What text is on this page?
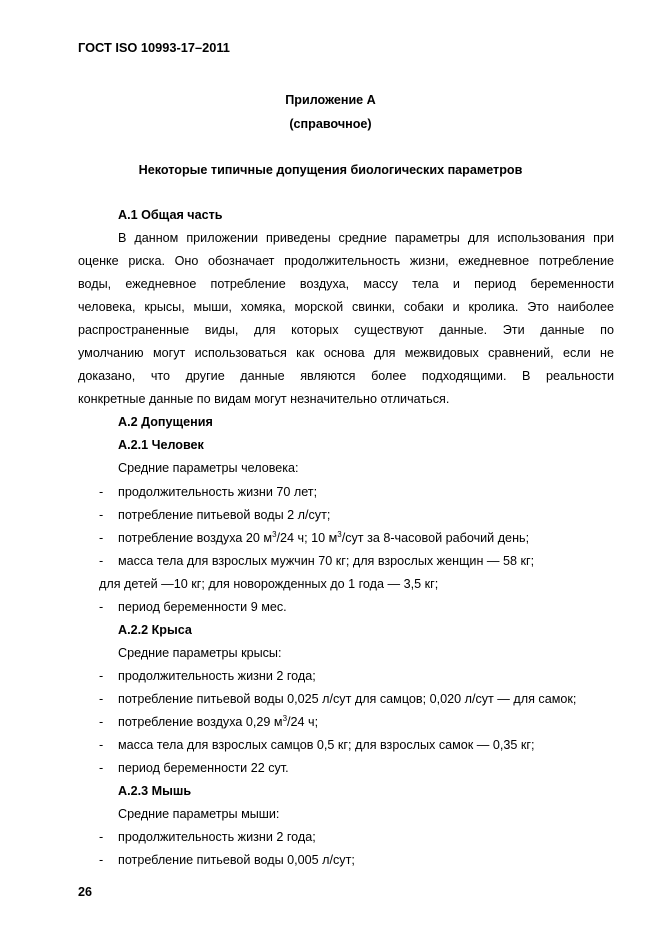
ГОСТ ISO 10993-17–2011
Приложение А
(справочное)
Некоторые типичные допущения биологических параметров
А.1 Общая часть
В данном приложении приведены средние параметры для использования при
оценке риска. Оно обозначает продолжительность жизни, ежедневное потребление
воды, ежедневное потребление воздуха, массу тела и период беременности
человека, крысы, мыши, хомяка, морской свинки, собаки и кролика. Это наиболее
распространенные виды, для которых существуют данные. Эти данные по
умолчанию могут использоваться как основа для межвидовых сравнений, если не
доказано, что другие данные являются более подходящими. В реальности
конкретные данные по видам могут незначительно отличаться.
А.2 Допущения
А.2.1 Человек
Средние параметры человека:
- продолжительность жизни 70 лет;
- потребление питьевой воды 2 л/сут;
- потребление воздуха 20 $м^3/24$ ч; 10 $м^3$/сут за 8-часовой рабочий день;
- масса тела для взрослых мужчин 70 кг; для взрослых женщин — 58 кг;
для детей —10 кг; для новорожденных до 1 года — 3,5 кг;
- период беременности 9 мес.
А.2.2 Крыса
Средние параметры крысы:
- продолжительность жизни 2 года;
- потребление питьевой воды 0,025 л/сут для самцов; 0,020 л/сут — для самок;
- потребление воздуха 0,29 $м^3/24$ ч;
- масса тела для взрослых самцов 0,5 кг; для взрослых самок — 0,35 кг;
- период беременности 22 сут.
А.2.3 Мышь
Средние параметры мыши:
- продолжительность жизни 2 года;
- потребление питьевой воды 0,005 л/сут;
26
